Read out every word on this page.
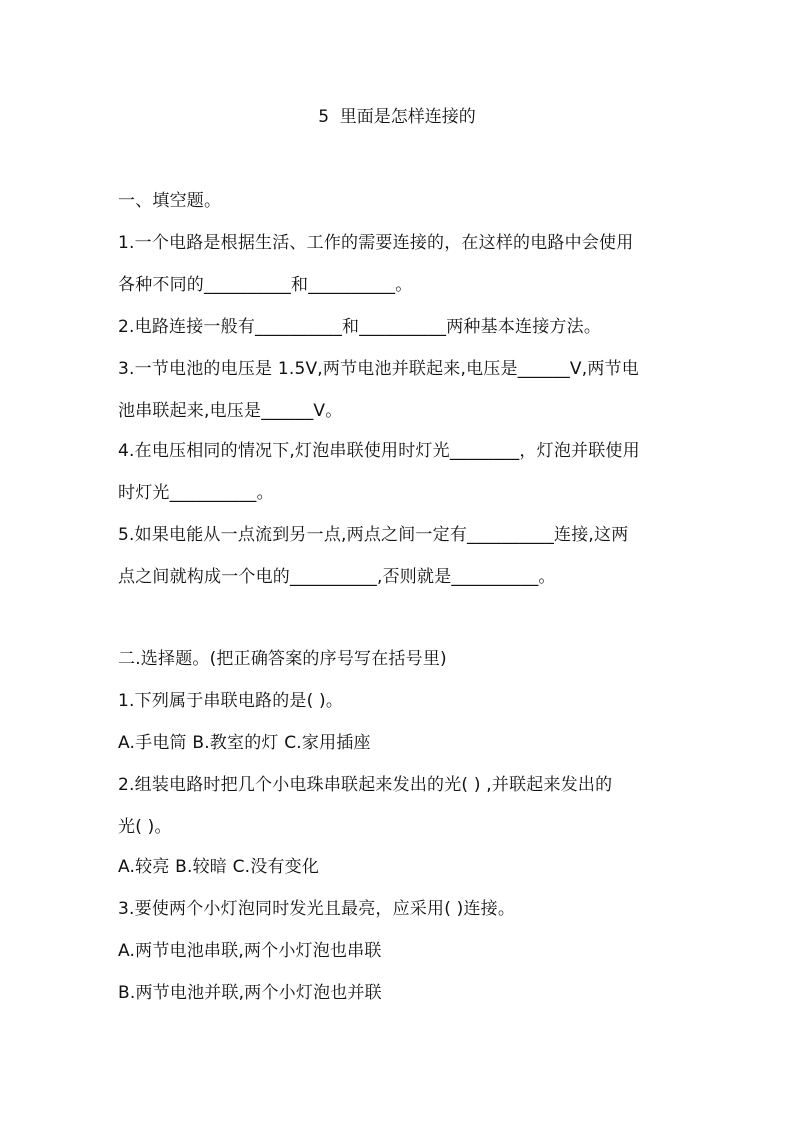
5  里面是怎样连接的
一、填空题。
1.一个电路是根据生活、工作的需要连接的，在这样的电路中会使用
各种不同的__________和__________。
2.电路连接一般有__________和__________两种基本连接方法。
3.一节电池的电压是 1.5V,两节电池并联起来,电压是______V,两节电
池串联起来,电压是______V。
4.在电压相同的情况下,灯泡串联使用时灯光________，灯泡并联使用
时灯光__________。
5.如果电能从一点流到另一点,两点之间一定有__________连接,这两
点之间就构成一个电的__________,否则就是__________。
二.选择题。(把正确答案的序号写在括号里)
1.下列属于串联电路的是( )。
A.手电筒 B.教室的灯 C.家用插座
2.组装电路时把几个小电珠串联起来发出的光( ) ,并联起来发出的
光( )。
A.较亮 B.较暗 C.没有变化
3.要使两个小灯泡同时发光且最亮，应采用( )连接。
A.两节电池串联,两个小灯泡也串联
B.两节电池并联,两个小灯泡也并联
